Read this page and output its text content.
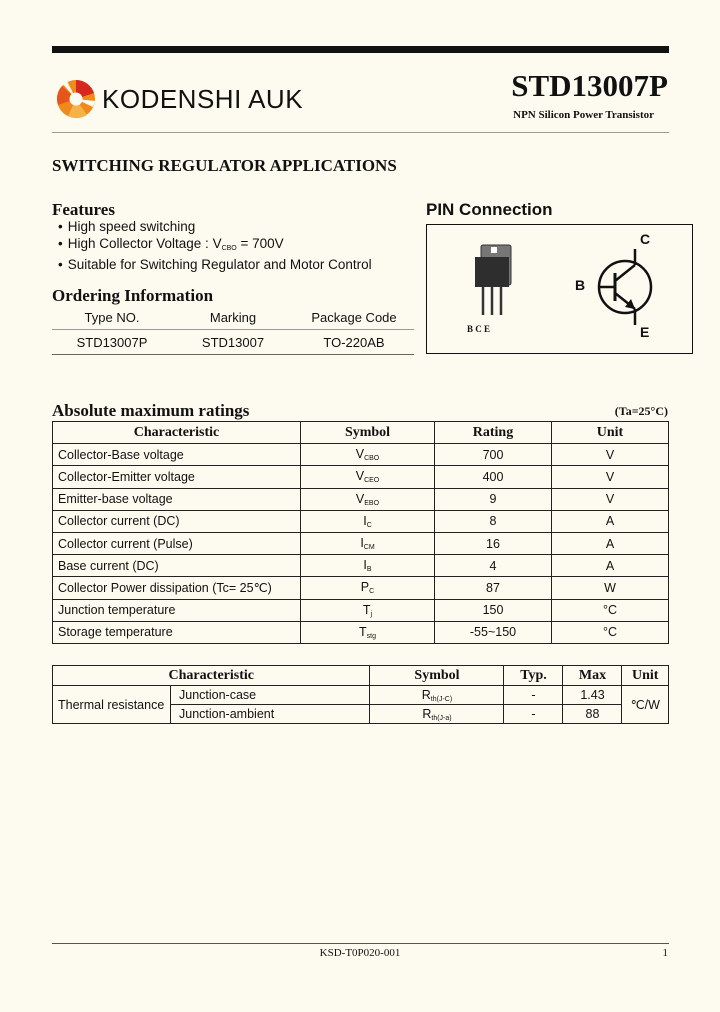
KODENSHI AUK	STD13007P
NPN Silicon Power Transistor
SWITCHING REGULATOR APPLICATIONS
Features
• High speed switching
• High Collector Voltage : $V_{CBO} = 700V$
• Suitable for Switching Regulator and Motor Control
Ordering Information
Type NO.	Marking	Package Code
STD13007P	STD13007	TO-220AB
PIN Connection
B C E
C
B
E
Absolute maximum ratings	(Ta=25°C)
Characteristic	Symbol	Rating	Unit
Collector-Base voltage	$V_{CBO}$	700	V
Collector-Emitter voltage	$V_{CEO}$	400	V
Emitter-base voltage	$V_{EBO}$	9	V
Collector current (DC)	$I_C$	8	A
Collector current (Pulse)	$I_{CM}$	16	A
Base current (DC)	$I_B$	4	A
Collector Power dissipation (Tc= 25℃)	$P_C$	87	W
Junction temperature	$T_j$	150	°C
Storage temperature	$T_{stg}$	-55~150	°C
Characteristic		Symbol	Typ.	Max	Unit
Thermal resistance	Junction-case	$R_{th(J-C)}$	-	1.43	℃/W
	Junction-ambient	$R_{th(J-a)}$	-	88	
KSD-T0P020-001	1
